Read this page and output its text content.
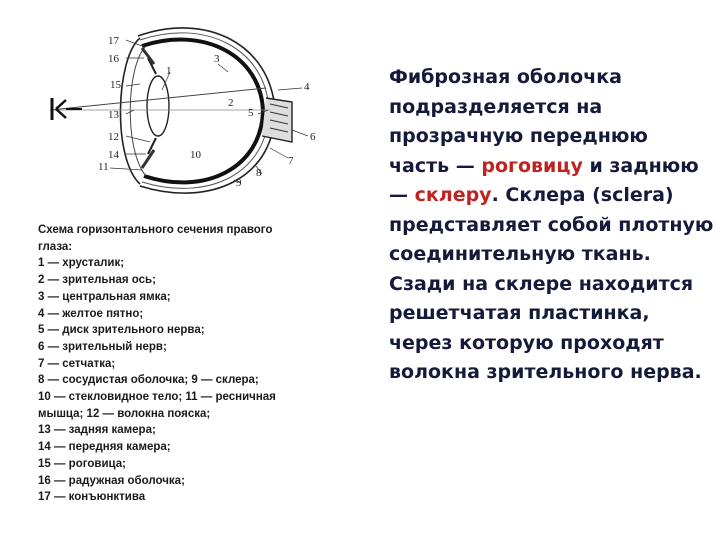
17
16
15
1
3
4
5
2
6
7
8
9
10
11
12
13
14
Схема горизонтального сечения правого
глаза:
1 — хрусталик;
2 — зрительная ось;
3 — центральная ямка;
4 — желтое пятно;
5 — диск зрительного нерва;
6 — зрительный нерв;
7 — сетчатка;
8 — сосудистая оболочка; 9 — склера;
10 — стекловидное тело; 11 — ресничная
мышца; 12 — волокна пояска;
13 — задняя камера;
14 — передняя камера;
15 — роговица;
16 — радужная оболочка;
17 — конъюнктива
Фиброзная оболочка подразделяется на прозрачную переднюю часть — роговицу и заднюю — склеру. Склера (sclera) представляет собой плотную соединительную ткань. Сзади на склере находится решетчатая пластинка, через которую проходят волокна зрительного нерва.
